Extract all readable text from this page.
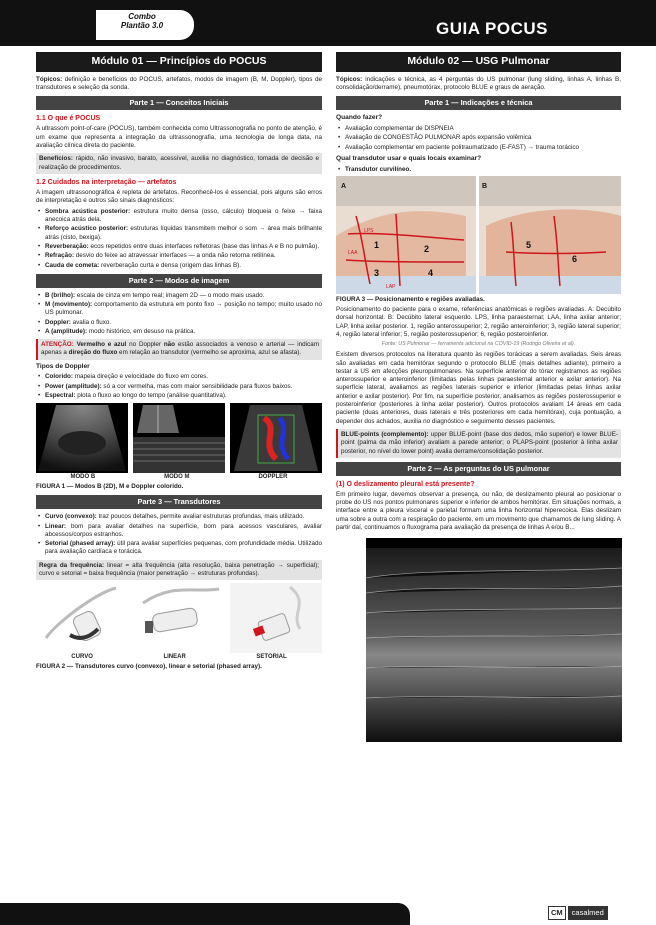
Combo
Plantão 3.0	GUIA POCUS
Módulo 01 — Princípios do POCUS

Tópicos: definição e benefícios do POCUS, artefatos, modos de imagem (B, M, Doppler), tipos de transdutores e seleção da sonda.

Parte 1 — Conceitos Iniciais
1.1 O que é POCUS

A ultrassom point-of-care (POCUS), também conhecida como Ultrassonografia no ponto de atenção, é um exame que representa a integração da ultrassonografia, uma tecnologia de longa data, na avaliação clínica direta do paciente.

Benefícios: rápido, não invasivo, barato, acessível, auxilia no diagnóstico, tomada de decisão e realização de procedimentos.
1.2 Cuidados na interpretação — artefatos

A imagem ultrassonográfica é repleta de artefatos. Reconhecê-los é essencial, pois alguns são erros de interpretação e outros são sinais diagnósticos:

• Sombra acústica posterior: estrutura muito densa (osso, cálculo) bloqueia o feixe → faixa anecoica atrás dela.
• Reforço acústico posterior: estruturas líquidas transmitem melhor o som → área mais brilhante atrás (cisto, bexiga).
• Reverberação: ecos repetidos entre duas interfaces refletoras (base das linhas A e B no pulmão).
• Refração: desvio do feixe ao atravessar interfaces — a onda não retorna retilínea.
• Cauda de cometa: reverberação curta e densa (origem das linhas B).
Parte 2 — Modos de imagem
• B (brilho): escala de cinza em tempo real; imagem 2D — o modo mais usado.
• M (movimento): comportamento da estrutura em ponto fixo → posição no tempo; muito usado no US pulmonar.
• Doppler: avalia o fluxo.
• A (amplitude): modo histórico, em desuso na prática.
ATENÇÃO: Vermelho e azul no Doppler não estão associados a venoso e arterial — indicam apenas a direção do fluxo em relação ao transdutor (vermelho se aproxima, azul se afasta).
Tipos de Doppler
• Colorido: mapeia direção e velocidade do fluxo em cores.
• Power (amplitude): só a cor vermelha, mas com maior sensibilidade para fluxos baixos.
• Espectral: plota o fluxo ao longo do tempo (análise quantitativa).
MODO B	MODO M	DOPPLER
FIGURA 1 — Modos B (2D), M e Doppler colorido.
Parte 3 — Transdutores
• Curvo (convexo): traz poucos detalhes, permite avaliar estruturas profundas, mais utilizado.
• Linear: bom para avaliar detalhes na superfície, bom para acessos vasculares, avaliar abcessos/corpos estranhos.
• Setorial (phased array): útil para avaliar superfícies pequenas, com profundidade média. Utilizado para avaliação cardíaca e torácica.
Regra da frequência: linear = alta frequência (alta resolução, baixa penetração → superficial); curvo e setorial = baixa frequência (maior penetração → estruturas profundas).
CURVO	LINEAR	SETORIAL
FIGURA 2 — Transdutores curvo (convexo), linear e setorial (phased array).
Módulo 02 — USG Pulmonar

Tópicos: indicações e técnica, as 4 perguntas do US pulmonar (lung sliding, linhas A, linhas B, consolidação/derrame), pneumotórax, protocolo BLUE e graus de aeração.

Parte 1 — Indicações e técnica
Quando fazer?
• Avaliação complementar de DISPNEIA
• Avaliação de CONGESTÃO PULMONAR após expansão volêmica
• Avaliação complementar em paciente politraumatizado (E-FAST) → trauma torácico
Qual transdutor usar e quais locais examinar?
• Transdutor curvilíneo.
A	B
1	2
3	4
5
6
LPS
LAA
LAP
FIGURA 3 — Posicionamento e regiões avaliadas.

Posicionamento do paciente para o exame, referências anatômicas e regiões avaliadas. A: Decúbito dorsal horizontal. B: Decúbito lateral esquerdo. LPS, linha paraesternal; LAA, linha axilar anterior; LAP, linha axilar posterior. 1, região anterossuperior; 2, região anteroinferior; 3, região lateral superior; 4, região lateral inferior; 5, região posterossuperior; 6, região posteroinferior.

Fonte: US Pulmonar — ferramenta adicional na COVID-19 (Rodrigo Oliveira et al).

Existem diversos protocolos na literatura quanto às regiões torácicas a serem avaliadas. Seis áreas são avaliadas em cada hemitórax segundo o protocolo BLUE (mais detalhes adiante), primeiro a testar a US em afecções pleuropulmonares. Na superfície anterior do tórax registramos as regiões anterossuperior e anteroinferior (limitadas pelas linhas paraesternal anterior e axilar anterior). Na superfície lateral, avaliamos as regiões laterais superior e inferior (limitadas pelas linhas axilar anterior e axilar posterior). Por fim, na superfície posterior, analisamos as regiões posterossuperior e posteroinferior (posteriores à linha axilar posterior). Outros protocolos avaliam 14 áreas em cada paciente (duas anteriores, duas laterais e três posteriores em cada hemitórax), cuja pontuação, a depender dos achados, auxilia no diagnóstico e seguimento desses pacientes.

BLUE-points (complemento): upper BLUE-point (base dos dedos, mão superior) e lower BLUE-point (palma da mão inferior) avaliam a parede anterior; o PLAPS-point (posterior à linha axilar posterior, no nível do lower point) avalia derrame/consolidação posterior.
Parte 2 — As perguntas do US pulmonar
(1) O deslizamento pleural está presente?

Em primeiro lugar, devemos observar a presença, ou não, de deslizamento pleural ao posicionar o probe do US nos pontos pulmonares superior e inferior de ambos hemitórax. Em situações normais, a interface entre a pleura visceral e parietal formam uma linha horizontal hiperecoica. Elas deslizam uma sobre a outra com a respiração do paciente, em um movimento que chamamos de lung sliding. A partir daí, continuamos o fluxograma para avaliação da presença de linhas A e/ou B...

CM	casalmed
